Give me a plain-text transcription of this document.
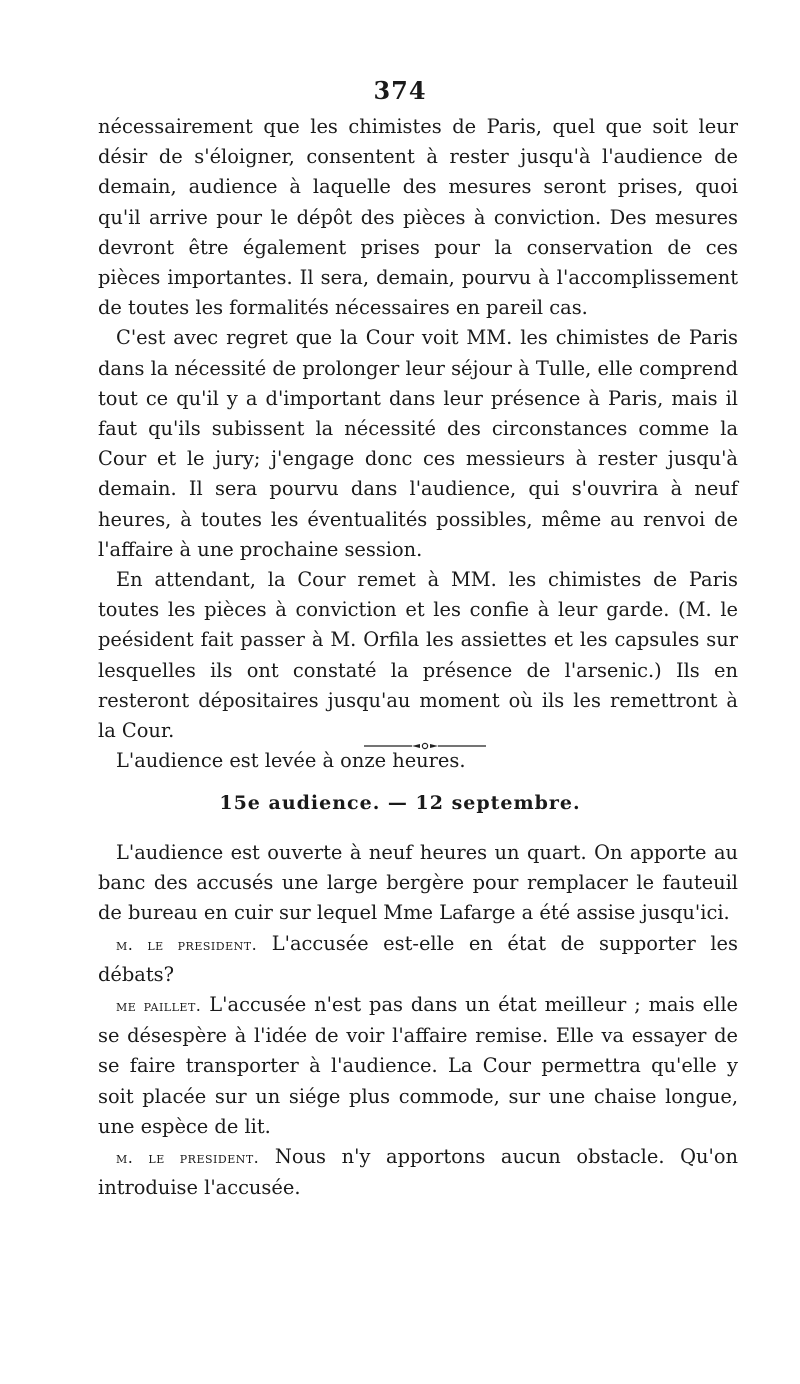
374

nécessairement que les chimistes de Paris, quel que soit leur désir de s'éloigner, consentent à rester jusqu'à l'audience de demain, audience à laquelle des mesures seront prises, quoi qu'il arrive pour le dépôt des pièces à conviction. Des mesures devront être également prises pour la conservation de ces pièces importantes. Il sera, demain, pourvu à l'accomplissement de toutes les formalités nécessaires en pareil cas.

C'est avec regret que la Cour voit MM. les chimistes de Paris dans la nécessité de prolonger leur séjour à Tulle, elle comprend tout ce qu'il y a d'important dans leur présence à Paris, mais il faut qu'ils subissent la nécessité des circonstances comme la Cour et le jury; j'engage donc ces messieurs à rester jusqu'à demain. Il sera pourvu dans l'audience, qui s'ouvrira à neuf heures, à toutes les éventualités possibles, même au renvoi de l'affaire à une prochaine session.

En attendant, la Cour remet à MM. les chimistes de Paris toutes les pièces à conviction et les confie à leur garde. (M. le peésident fait passer à M. Orfila les assiettes et les capsules sur lesquelles ils ont constaté la présence de l'arsenic.) Ils en resteront dépositaires jusqu'au moment où ils les remettront à la Cour.

L'audience est levée à onze heures.

15e audience. — 12 septembre.

L'audience est ouverte à neuf heures un quart. On apporte au banc des accusés une large bergère pour remplacer le fauteuil de bureau en cuir sur lequel Mme Lafarge a été assise jusqu'ici.

m. le president. L'accusée est-elle en état de supporter les débats?

me paillet. L'accusée n'est pas dans un état meilleur ; mais elle se désespère à l'idée de voir l'affaire remise. Elle va essayer de se faire transporter à l'audience. La Cour permettra qu'elle y soit placée sur un siége plus commode, sur une chaise longue, une espèce de lit.

m. le president. Nous n'y apportons aucun obstacle. Qu'on introduise l'accusée.
